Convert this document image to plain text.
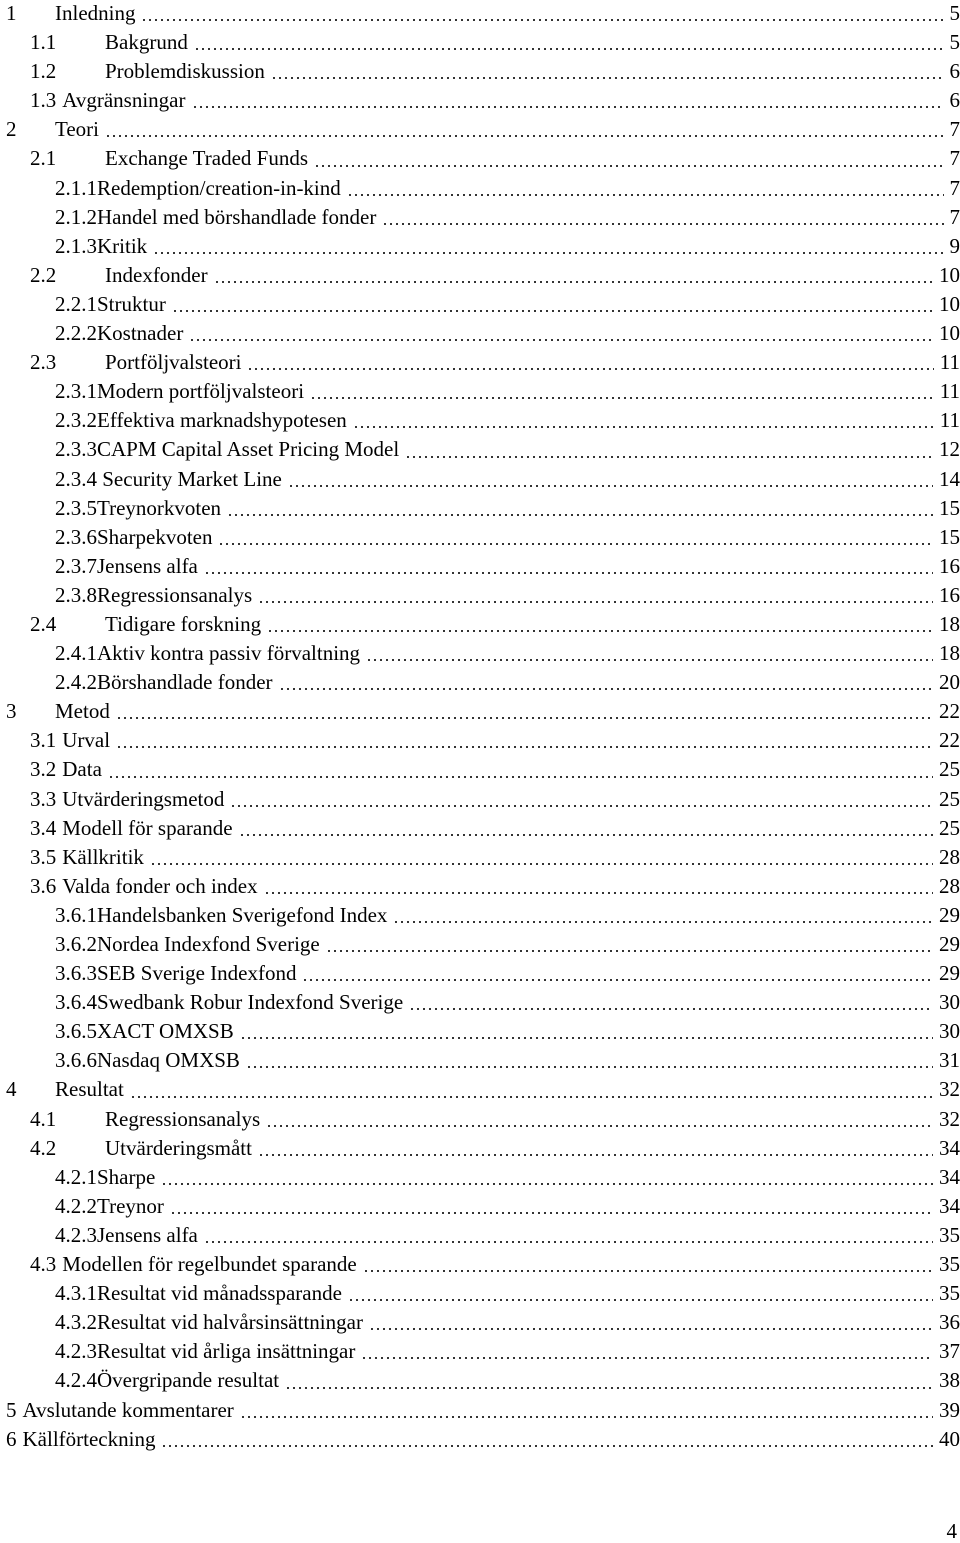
1 Inledning	5
1.1 Bakgrund	5
1.2 Problemdiskussion	6
1.3 Avgränsningar	6
2 Teori	7
2.1 Exchange Traded Funds	7
2.1.1Redemption/creation-in-kind	7
2.1.2Handel med börshandlade fonder	7
2.1.3Kritik	9
2.2 Indexfonder	10
2.2.1Struktur	10
2.2.2Kostnader	10
2.3 Portföljvalsteori	11
2.3.1Modern portföljvalsteori	11
2.3.2Effektiva marknadshypotesen	11
2.3.3CAPM Capital Asset Pricing Model	12
2.3.4 Security Market Line	14
2.3.5Treynorkvoten	15
2.3.6Sharpekvoten	15
2.3.7Jensens alfa	16
2.3.8Regressionsanalys	16
2.4 Tidigare forskning	18
2.4.1Aktiv kontra passiv förvaltning	18
2.4.2Börshandlade fonder	20
3 Metod	22
3.1 Urval	22
3.2 Data	25
3.3 Utvärderingsmetod	25
3.4 Modell för sparande	25
3.5 Källkritik	28
3.6 Valda fonder och index	28
3.6.1Handelsbanken Sverigefond Index	29
3.6.2Nordea Indexfond Sverige	29
3.6.3SEB Sverige Indexfond	29
3.6.4Swedbank Robur Indexfond Sverige	30
3.6.5XACT OMXSB	30
3.6.6Nasdaq OMXSB	31
4 Resultat	32
4.1 Regressionsanalys	32
4.2 Utvärderingsmått	34
4.2.1Sharpe	34
4.2.2Treynor	34
4.2.3Jensens alfa	35
4.3 Modellen för regelbundet sparande	35
4.3.1Resultat vid månadssparande	35
4.3.2Resultat vid halvårsinsättningar	36
4.2.3Resultat vid årliga insättningar	37
4.2.4Övergripande resultat	38
5 Avslutande kommentarer	39
6 Källförteckning	40
4
